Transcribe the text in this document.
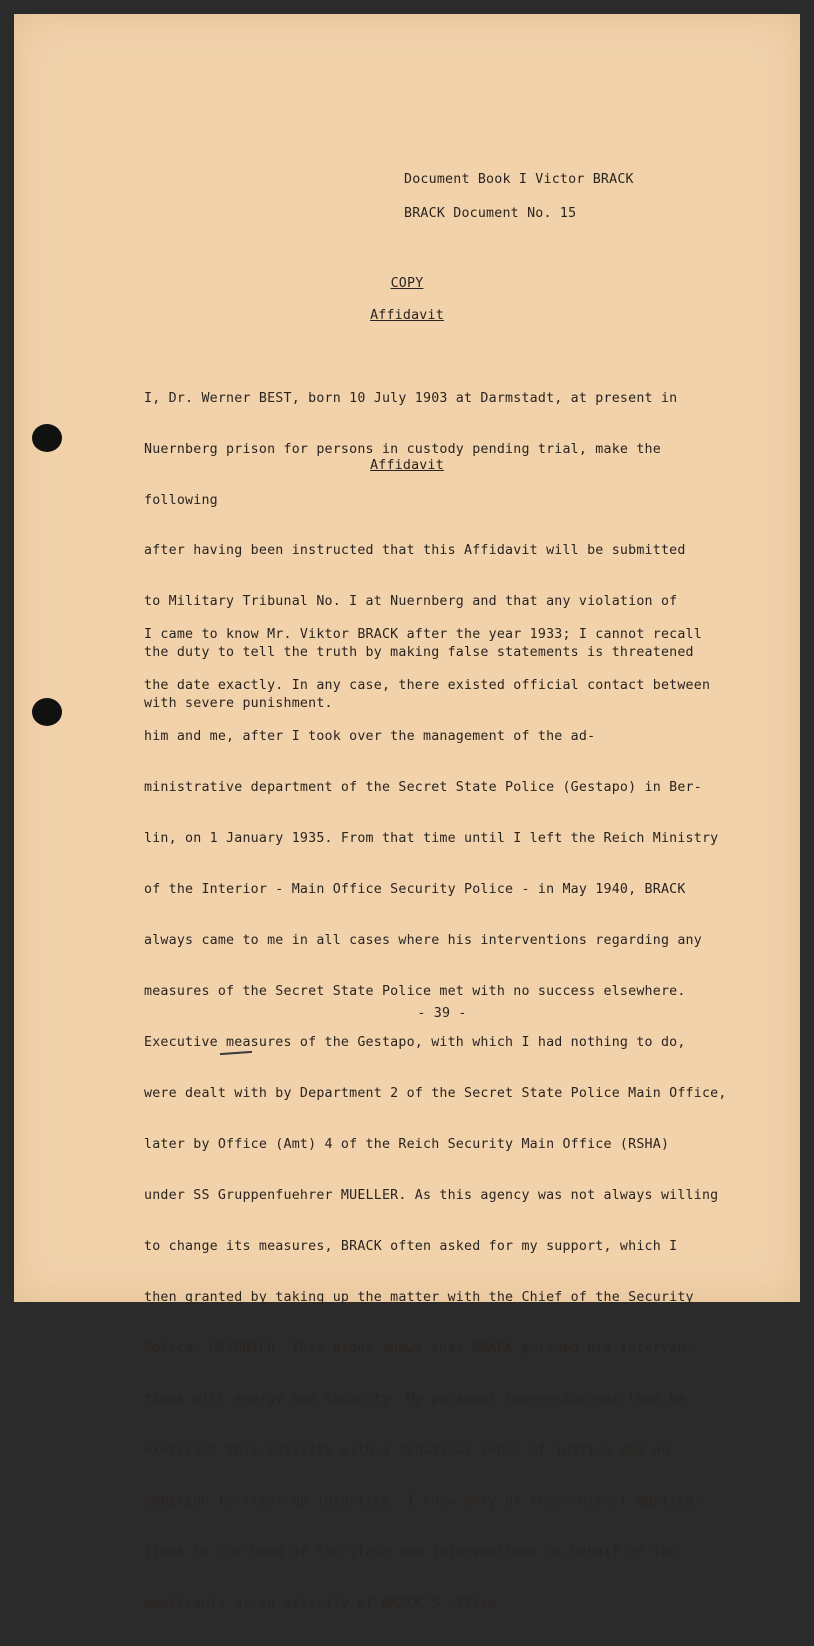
Document Book I Victor BRACK
BRACK Document No. 15
COPY
Affidavit

I, Dr. Werner BEST, born 10 July 1903 at Darmstadt, at present in

Nuernberg prison for persons in custody pending trial, make the

following

Affidavit

after having been instructed that this Affidavit will be submitted

to Military Tribunal No. I at Nuernberg and that any violation of

the duty to tell the truth by making false statements is threatened

with severe punishment.

I came to know Mr. Viktor BRACK after the year 1933; I cannot recall

the date exactly. In any case, there existed official contact between

him and me, after I took over the management of the ad-

ministrative department of the Secret State Police (Gestapo) in Ber-

lin, on 1 January 1935. From that time until I left the Reich Ministry

of the Interior - Main Office Security Police - in May 1940, BRACK

always came to me in all cases where his interventions regarding any

measures of the Secret State Police met with no success elsewhere.

Executive measures of the Gestapo, with which I had nothing to do,

were dealt with by Department 2 of the Secret State Police Main Office,

later by Office (Amt) 4 of the Reich Security Main Office (RSHA)

under SS Gruppenfuehrer MUELLER. As this agency was not always willing

to change its measures, BRACK often asked for my support, which I

then granted by taking up the matter with the Chief of the Security

Police, HEYDRICH. This alone shows that BRACK pursued his interven-

tions with energy and tenacity. My personal impression was that he

exercised this activity with a fanatical sense of justice and an

ambition to clear up injustice. I know only of these direct applica-

tions to the head of the state and interventions on behalf of the

applicants as an activity of BRACK'S office.

- 39 -
